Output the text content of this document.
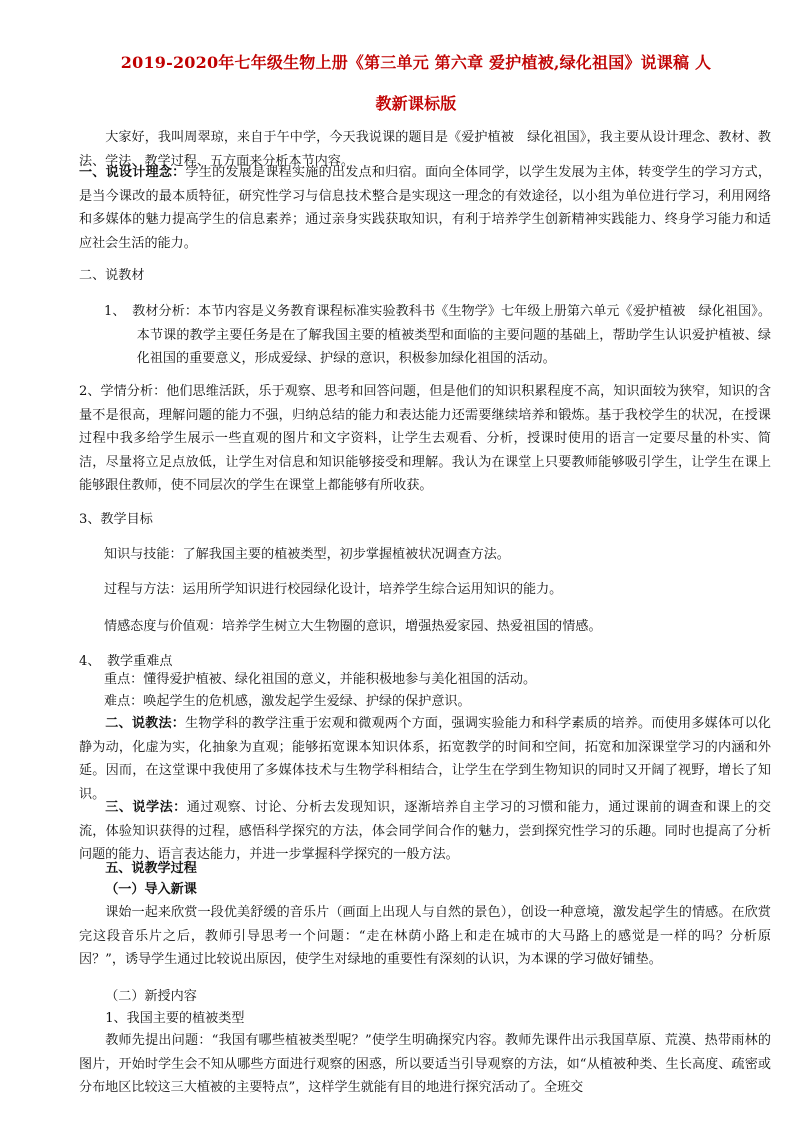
2019-2020年七年级生物上册《第三单元 第六章 爱护植被,绿化祖国》说课稿 人
教新课标版
大家好，我叫周翠琼，来自于午中学，今天我说课的题目是《爱护植被　绿化祖国》，我主要从设计理念、教材、教法、学法、教学过程、五方面来分析本节内容。
一、说设计理念：学生的发展是课程实施的出发点和归宿。面向全体同学，以学生发展为主体，转变学生的学习方式，是当今课改的最本质特征，研究性学习与信息技术整合是实现这一理念的有效途径，以小组为单位进行学习，利用网络和多媒体的魅力提高学生的信息素养；通过亲身实践获取知识，有利于培养学生创新精神实践能力、终身学习能力和适应社会生活的能力。
二、说教材
1、　教材分析：本节内容是义务教育课程标准实验教科书《生物学》七年级上册第六单元《爱护植被　绿化祖国》。本节课的教学主要任务是在了解我国主要的植被类型和面临的主要问题的基础上，帮助学生认识爱护植被、绿化祖国的重要意义，形成爱绿、护绿的意识，积极参加绿化祖国的活动。
2、学情分析：他们思维活跃，乐于观察、思考和回答问题，但是他们的知识积累程度不高，知识面较为狭窄，知识的含量不是很高，理解问题的能力不强，归纳总结的能力和表达能力还需要继续培养和锻炼。基于我校学生的状况，在授课过程中我多给学生展示一些直观的图片和文字资料，让学生去观看、分析，授课时使用的语言一定要尽量的朴实、简洁，尽量将立足点放低，让学生对信息和知识能够接受和理解。我认为在课堂上只要教师能够吸引学生，让学生在课上能够跟住教师，使不同层次的学生在课堂上都能够有所收获。
3、教学目标
知识与技能：了解我国主要的植被类型，初步掌握植被状况调查方法。
过程与方法：运用所学知识进行校园绿化设计，培养学生综合运用知识的能力。
情感态度与价值观：培养学生树立大生物圈的意识，增强热爱家园、热爱祖国的情感。
4、　教学重难点
重点：懂得爱护植被、绿化祖国的意义，并能积极地参与美化祖国的活动。
难点：唤起学生的危机感，激发起学生爱绿、护绿的保护意识。
二、说教法：生物学科的教学注重于宏观和微观两个方面，强调实验能力和科学素质的培养。而使用多媒体可以化静为动，化虚为实，化抽象为直观；能够拓宽课本知识体系，拓宽教学的时间和空间，拓宽和加深课堂学习的内涵和外延。因而，在这堂课中我使用了多媒体技术与生物学科相结合，让学生在学到生物知识的同时又开阔了视野，增长了知识。
三、说学法：通过观察、讨论、分析去发现知识，逐渐培养自主学习的习惯和能力，通过课前的调查和课上的交流，体验知识获得的过程，感悟科学探究的方法，体会同学间合作的魅力，尝到探究性学习的乐趣。同时也提高了分析问题的能力、语言表达能力，并进一步掌握科学探究的一般方法。
五、说教学过程
（一）导入新课
课始一起来欣赏一段优美舒缓的音乐片（画面上出现人与自然的景色），创设一种意境，激发起学生的情感。在欣赏完这段音乐片之后，教师引导思考一个问题：“走在林荫小路上和走在城市的大马路上的感觉是一样的吗？分析原因？”，诱导学生通过比较说出原因，使学生对绿地的重要性有深刻的认识，为本课的学习做好铺垫。
（二）新授内容
1、我国主要的植被类型
教师先提出问题：“我国有哪些植被类型呢？”使学生明确探究内容。教师先课件出示我国草原、荒漠、热带雨林的图片，开始时学生会不知从哪些方面进行观察的困惑，所以要适当引导观察的方法，如“从植被种类、生长高度、疏密或分布地区比较这三大植被的主要特点”，这样学生就能有目的地进行探究活动了。全班交
